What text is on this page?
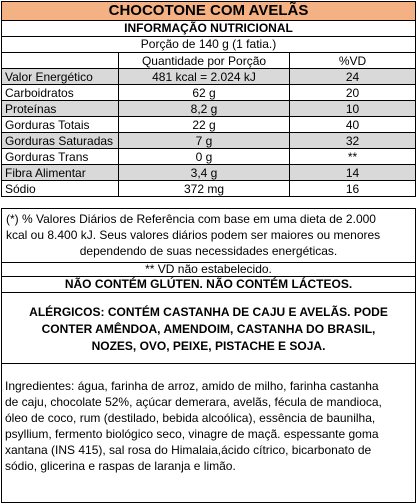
CHOCOTONE COM AVELÃS
INFORMAÇÃO NUTRICIONAL
Porção de 140 g (1 fatia.)
	Quantidade por Porção	%VD
Valor Energético	481 kcal = 2.024 kJ	24
Carboidratos	62 g	20
Proteínas	8,2 g	10
Gorduras Totais	22 g	40
Gorduras Saturadas	7 g	32
Gorduras Trans	0 g	**
Fibra Alimentar	3,4 g	14
Sódio	372 mg	16
(*) % Valores Diários de Referência com base em uma dieta de 2.000
kcal ou 8.400 kJ. Seus valores diários podem ser maiores ou menores
dependendo de suas necessidades energéticas.
** VD não estabelecido.
NÃO CONTÉM GLÚTEN. NÃO CONTÉM LÁCTEOS.
ALÉRGICOS: CONTÉM CASTANHA DE CAJU E AVELÃS. PODE
CONTER AMÊNDOA, AMENDOIM, CASTANHA DO BRASIL,
NOZES, OVO, PEIXE, PISTACHE E SOJA.
Ingredientes: água, farinha de arroz, amido de milho, farinha castanha
de caju, chocolate 52%, açúcar demerara, avelãs, fécula de mandioca,
óleo de coco, rum (destilado, bebida alcoólica), essência de baunilha,
psyllium, fermento biológico seco, vinagre de maçã. espessante goma
xantana (INS 415), sal rosa do Himalaia,ácido cítrico, bicarbonato de
sódio, glicerina e raspas de laranja e limão.
